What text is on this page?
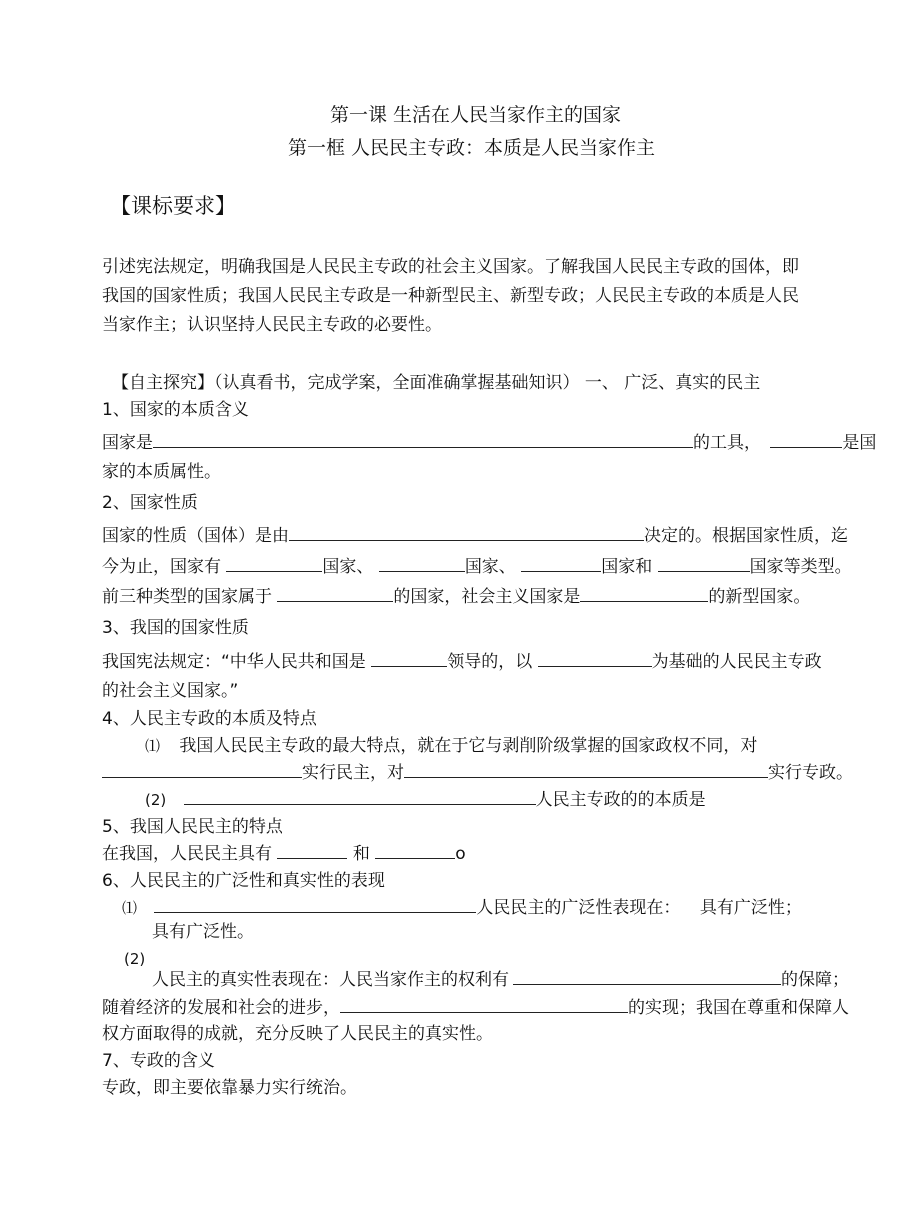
第一课 生活在人民当家作主的国家
第一框 人民民主专政：本质是人民当家作主
【课标要求】
引述宪法规定，明确我国是人民民主专政的社会主义国家。了解我国人民民主专政的国体，即
我国的国家性质；我国人民民主专政是一种新型民主、新型专政；人民民主专政的本质是人民
当家作主；认识坚持人民民主专政的必要性。
【自主探究】（认真看书，完成学案，全面准确掌握基础知识） 一、 广泛、真实的民主
1、国家的本质含义
国家是	的工具，	是国
家的本质属性。
2、国家性质
国家的性质（国体）是由	决定的。根据国家性质，迄
今为止，国家有	国家、	国家、	国家和	国家等类型。
前三种类型的国家属于	的国家，社会主义国家是	的新型国家。
3、我国的国家性质
我国宪法规定：“中华人民共和国是	领导的，以	为基础的人民民主专政
的社会主义国家。”
4、人民主专政的本质及特点
⑴ 我国人民民主专政的最大特点，就在于它与剥削阶级掌握的国家政权不同，对
实行民主，对	实行专政。
(2)	人民主专政的的本质是
5、我国人民民主的特点
在我国，人民民主具有	和	o
6、人民民主的广泛性和真实性的表现
⑴	人民民主的广泛性表现在： 具有广泛性；
具有广泛性。
(2)
人民主的真实性表现在：人民当家作主的权利有	的保障；
随着经济的发展和社会的进步，	的实现；我国在尊重和保障人
权方面取得的成就，充分反映了人民民主的真实性。
7、专政的含义
专政，即主要依靠暴力实行统治。
